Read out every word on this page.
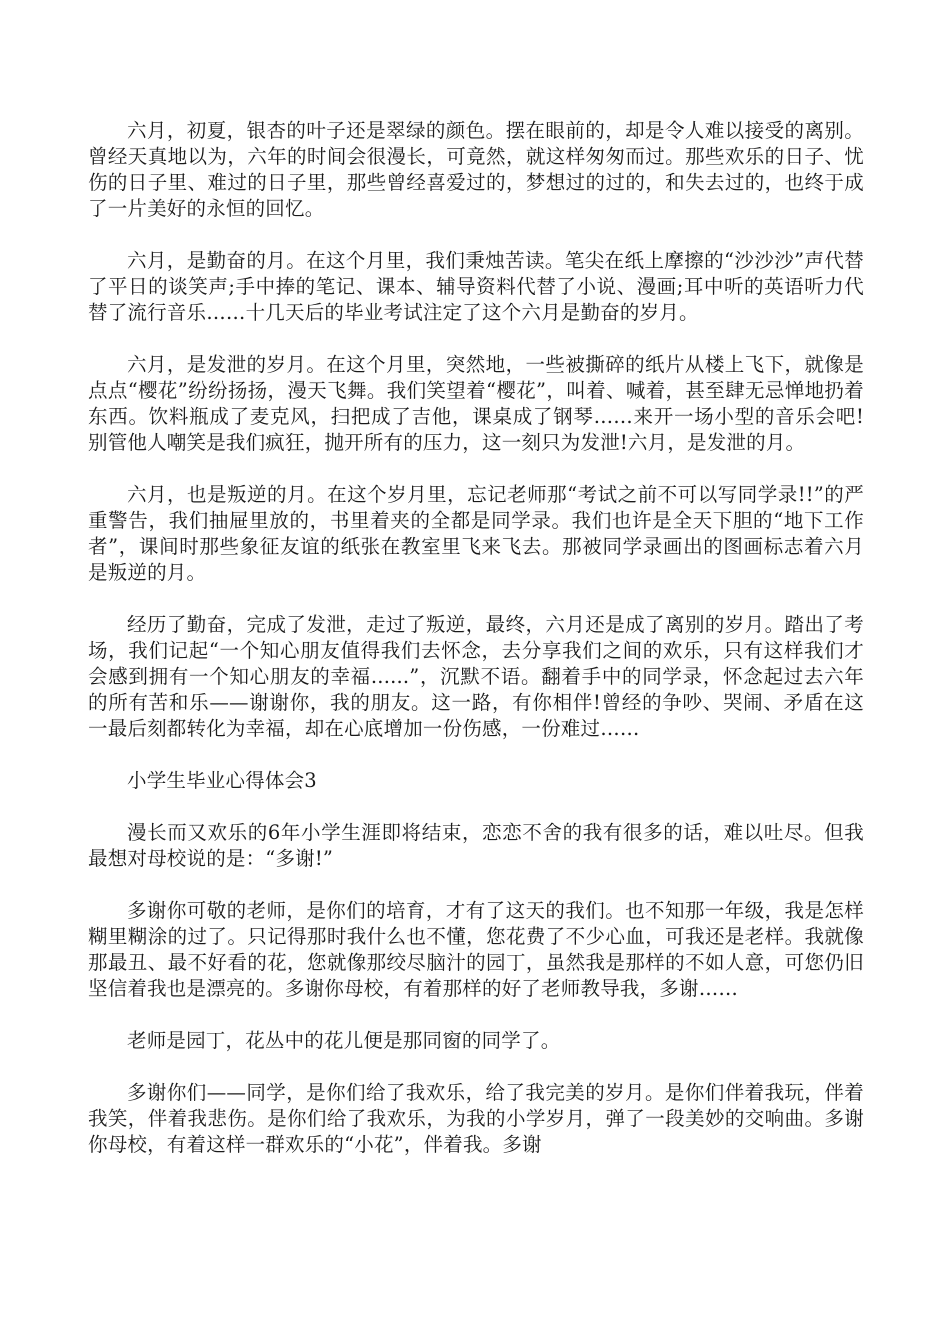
六月，初夏，银杏的叶子还是翠绿的颜色。摆在眼前的，却是令人难以接受的离别。曾经天真地以为，六年的时间会很漫长，可竟然，就这样匆匆而过。那些欢乐的日子、忧伤的日子里、难过的日子里，那些曾经喜爱过的，梦想过的过的，和失去过的，也终于成了一片美好的永恒的回忆。

六月，是勤奋的月。在这个月里，我们秉烛苦读。笔尖在纸上摩擦的“沙沙沙”声代替了平日的谈笑声;手中捧的笔记、课本、辅导资料代替了小说、漫画;耳中听的英语听力代替了流行音乐……十几天后的毕业考试注定了这个六月是勤奋的岁月。

六月，是发泄的岁月。在这个月里，突然地，一些被撕碎的纸片从楼上飞下，就像是点点“樱花”纷纷扬扬，漫天飞舞。我们笑望着“樱花”，叫着、喊着，甚至肆无忌惮地扔着东西。饮料瓶成了麦克风，扫把成了吉他，课桌成了钢琴……来开一场小型的音乐会吧!别管他人嘲笑是我们疯狂，抛开所有的压力，这一刻只为发泄!六月，是发泄的月。

六月，也是叛逆的月。在这个岁月里，忘记老师那“考试之前不可以写同学录!!”的严重警告，我们抽屉里放的，书里着夹的全都是同学录。我们也许是全天下胆的“地下工作者”，课间时那些象征友谊的纸张在教室里飞来飞去。那被同学录画出的图画标志着六月是叛逆的月。

经历了勤奋，完成了发泄，走过了叛逆，最终，六月还是成了离别的岁月。踏出了考场，我们记起“一个知心朋友值得我们去怀念，去分享我们之间的欢乐，只有这样我们才会感到拥有一个知心朋友的幸福......”，沉默不语。翻着手中的同学录，怀念起过去六年的所有苦和乐——谢谢你，我的朋友。这一路，有你相伴!曾经的争吵、哭闹、矛盾在这一最后刻都转化为幸福，却在心底增加一份伤感，一份难过……

小学生毕业心得体会3

漫长而又欢乐的6年小学生涯即将结束，恋恋不舍的我有很多的话，难以吐尽。但我最想对母校说的是：“多谢!”

多谢你可敬的老师，是你们的培育，才有了这天的我们。也不知那一年级，我是怎样糊里糊涂的过了。只记得那时我什么也不懂，您花费了不少心血，可我还是老样。我就像那最丑、最不好看的花，您就像那绞尽脑汁的园丁，虽然我是那样的不如人意，可您仍旧坚信着我也是漂亮的。多谢你母校，有着那样的好了老师教导我，多谢……

老师是园丁，花丛中的花儿便是那同窗的同学了。

多谢你们——同学，是你们给了我欢乐，给了我完美的岁月。是你们伴着我玩，伴着我笑，伴着我悲伤。是你们给了我欢乐，为我的小学岁月，弹了一段美妙的交响曲。多谢你母校，有着这样一群欢乐的“小花”，伴着我。多谢
